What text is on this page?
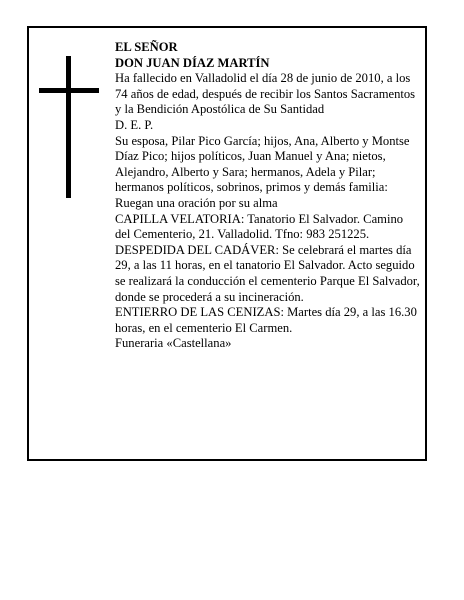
EL SEÑOR

DON JUAN DÍAZ MARTÍN

Ha fallecido en Valladolid el día 28 de junio de 2010, a los 74 años de edad, después de recibir los Santos Sacramentos y la Bendición Apostólica de Su Santidad

D. E. P.

Su esposa, Pilar Pico García; hijos, Ana, Alberto y Montse Díaz Pico; hijos políticos, Juan Manuel y Ana; nietos, Alejandro, Alberto y Sara; hermanos, Adela y Pilar; hermanos políticos, sobrinos, primos y demás familia:

Ruegan una oración por su alma

CAPILLA VELATORIA: Tanatorio El Salvador. Camino del Cementerio, 21. Valladolid. Tfno: 983 251225.

DESPEDIDA DEL CADÁVER: Se celebrará el martes día 29, a las 11 horas, en el tanatorio El Salvador. Acto seguido se realizará la conducción el cementerio Parque El Salvador, donde se procederá a su incineración.

ENTIERRO DE LAS CENIZAS: Martes día 29, a las 16.30 horas, en el cementerio El Carmen.

Funeraria «Castellana»
